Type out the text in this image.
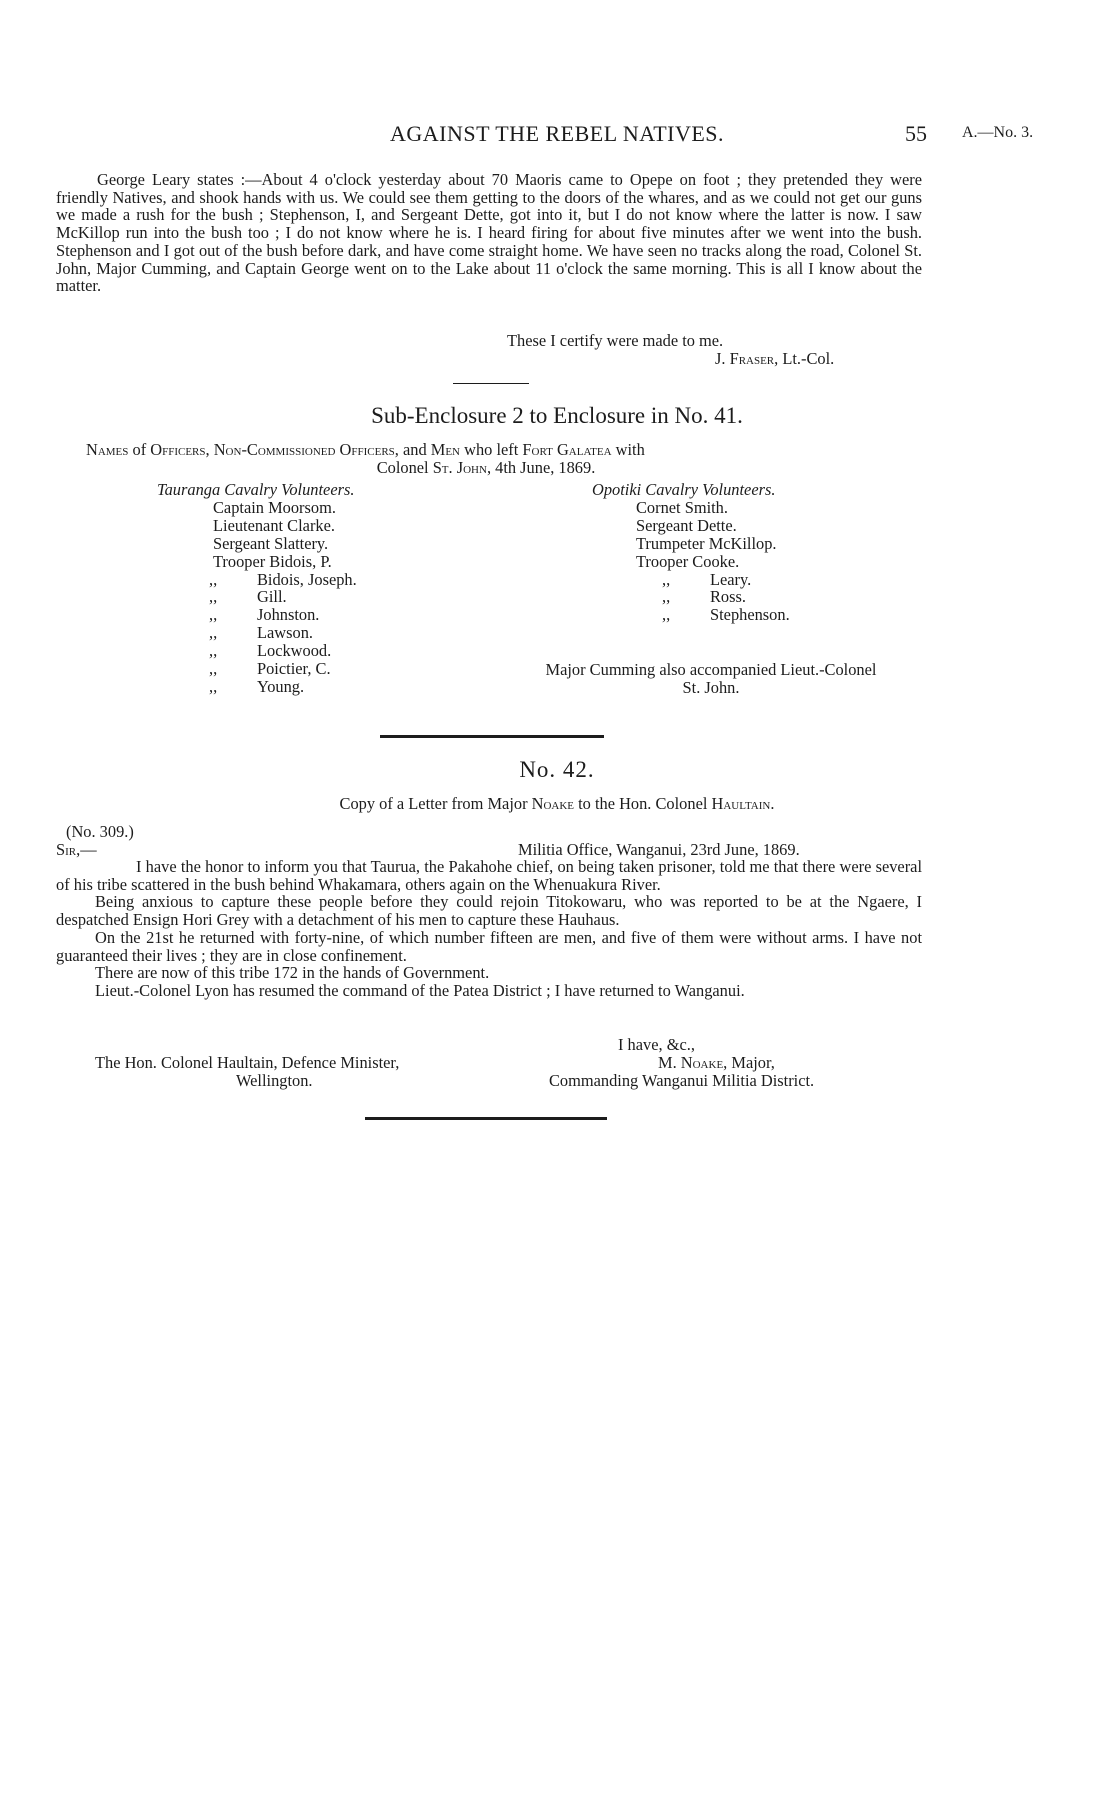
AGAINST THE REBEL NATIVES.	55 A.—No. 3.

George Leary states :—About 4 o'clock yesterday about 70 Maoris came to Opepe on foot ; they pretended they were friendly Natives, and shook hands with us. We could see them getting to the doors of the whares, and as we could not get our guns we made a rush for the bush ; Stephenson, I, and Sergeant Dette, got into it, but I do not know where the latter is now. I saw McKillop run into the bush too ; I do not know where he is. I heard firing for about five minutes after we went into the bush. Stephenson and I got out of the bush before dark, and have come straight home. We have seen no tracks along the road, Colonel St. John, Major Cumming, and Captain George went on to the Lake about 11 o'clock the same morning. This is all I know about the matter.

These I certify were made to me.
J. Fraser, Lt.-Col.
Sub-Enclosure 2 to Enclosure in No. 41.
Names of Officers, Non-Commissioned Officers, and Men who left Fort Galatea with
Colonel St. John, 4th June, 1869.
Tauranga Cavalry Volunteers.
Captain Moorsom.
Lieutenant Clarke.
Sergeant Slattery.
Trooper Bidois, P.
,, Bidois, Joseph.
,, Gill.
,, Johnston.
,, Lawson.
,, Lockwood.
,, Poictier, C.
,, Young.
Opotiki Cavalry Volunteers.
Cornet Smith.
Sergeant Dette.
Trumpeter McKillop.
Trooper Cooke.
,, Leary.
,, Ross.
,, Stephenson.
Major Cumming also accompanied Lieut.-Colonel
St. John.
No. 42.
Copy of a Letter from Major Noake to the Hon. Colonel Haultain.
(No. 309.)
Sir,—	Militia Office, Wanganui, 23rd June, 1869.

I have the honor to inform you that Taurua, the Pakahohe chief, on being taken prisoner, told me that there were several of his tribe scattered in the bush behind Whakamara, others again on the Whenuakura River.

Being anxious to capture these people before they could rejoin Titokowaru, who was reported to be at the Ngaere, I despatched Ensign Hori Grey with a detachment of his men to capture these Hauhaus.

On the 21st he returned with forty-nine, of which number fifteen are men, and five of them were without arms. I have not guaranteed their lives ; they are in close confinement.

There are now of this tribe 172 in the hands of Government.

Lieut.-Colonel Lyon has resumed the command of the Patea District ; I have returned to Wanganui.

I have, &c.,
The Hon. Colonel Haultain, Defence Minister,
Wellington.
M. Noake, Major,
Commanding Wanganui Militia District.
